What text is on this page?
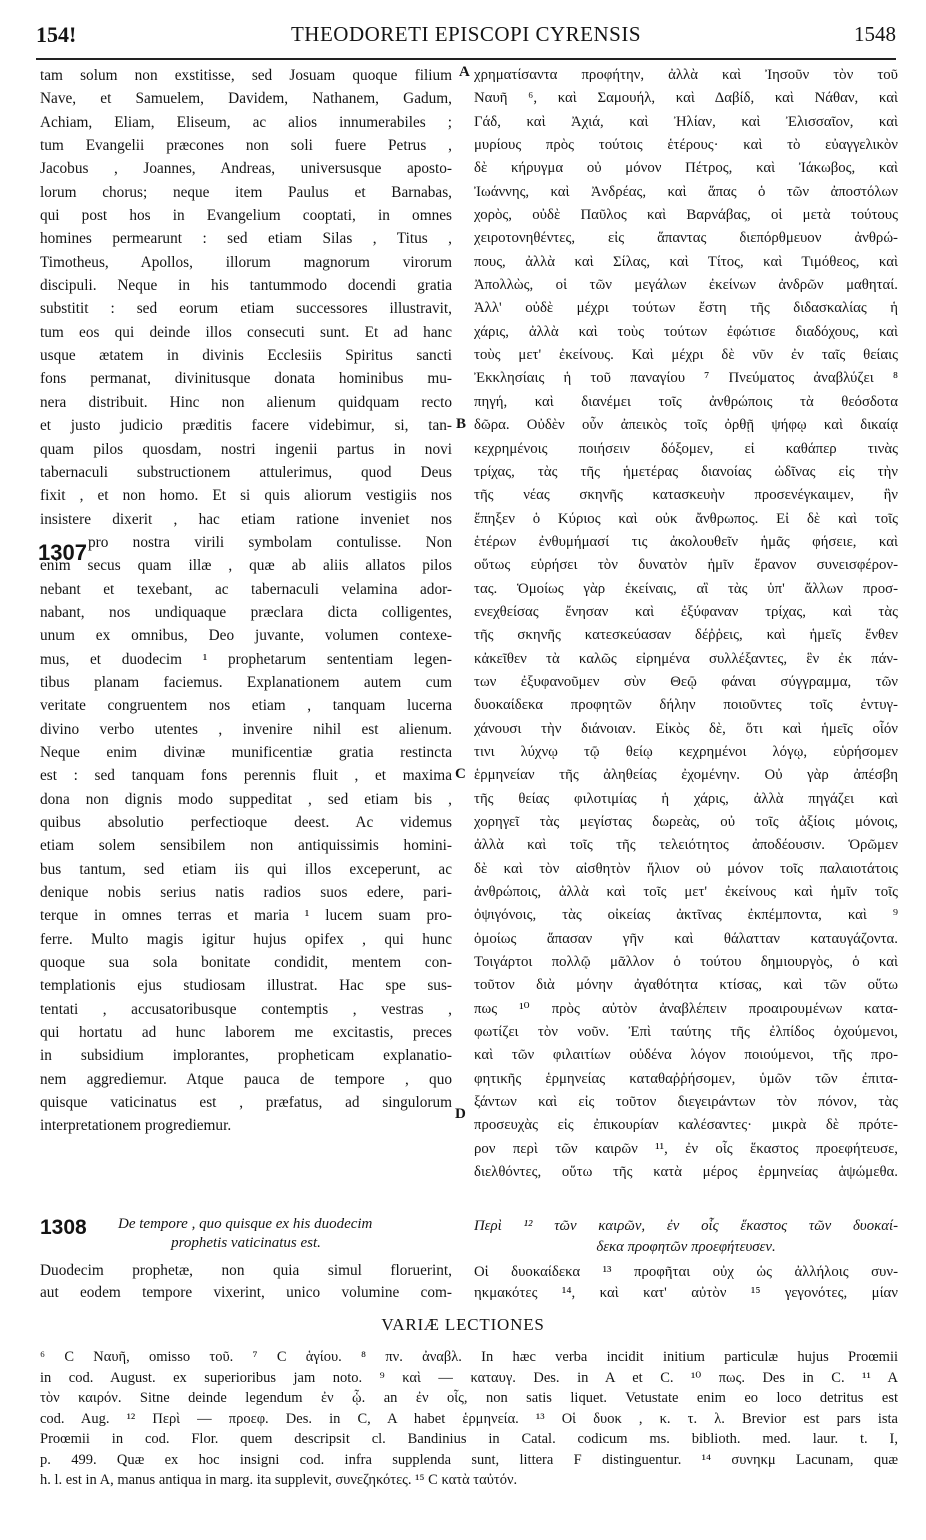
154!	THEODORETI EPISCOPI CYRENSIS	1548
tam solum non exstitisse, sed Josuam quoque filium
Nave, et Samuelem, Davidem, Nathanem, Gadum,
Achiam, Eliam, Eliseum, ac alios innumerabiles ;
tum Evangelii præcones non soli fuere Petrus ,
Jacobus , Joannes, Andreas, universusque aposto-
lorum chorus; neque item Paulus et Barnabas,
qui post hos in Evangelium cooptati, in omnes
homines permearunt : sed etiam Silas , Titus ,
Timotheus, Apollos, illorum magnorum virorum
discipuli. Neque in his tantummodo docendi gratia
substitit : sed eorum etiam successores illustravit,
tum eos qui deinde illos consecuti sunt. Et ad hanc
usque ætatem in divinis Ecclesiis Spiritus sancti
fons permanat, divinitusque donata hominibus mu-
nera distribuit. Hinc non alienum quidquam recto
et justo judicio præditis facere videbimur, si, tan-
quam pilos quosdam, nostri ingenii partus in novi
tabernaculi substructionem attulerimus, quod Deus
fixit , et non homo. Et si quis aliorum vestigiis nos
insistere dixerit , hac etiam ratione inveniet nos
pro nostra virili symbolam contulisse. Non
enim secus quam illæ , quæ ab aliis allatos pilos
nebant et texebant, ac tabernaculi velamina ador-
nabant, nos undiquaque præclara dicta colligentes,
unum ex omnibus, Deo juvante, volumen contexe-
mus, et duodecim ¹ prophetarum sententiam legen-
tibus planam faciemus. Explanationem autem cum
veritate congruentem nos etiam , tanquam lucerna
divino verbo utentes , invenire nihil est alienum.
Neque enim divinæ munificentiæ gratia restincta
est : sed tanquam fons perennis fluit , et maxima
dona non dignis modo suppeditat , sed etiam bis ,
quibus absolutio perfectioque deest. Ac videmus
etiam solem sensibilem non antiquissimis homini-
bus tantum, sed etiam iis qui illos exceperunt, ac
denique nobis serius natis radios suos edere, pari-
terque in omnes terras et maria ¹ lucem suam pro-
ferre. Multo magis igitur hujus opifex , qui hunc
quoque sua sola bonitate condidit, mentem con-
templationis ejus studiosam illustrat. Hac spe sus-
tentati , accusatoribusque contemptis , vestras ,
qui hortatu ad hunc laborem me excitastis, preces
in subsidium implorantes, propheticam explanatio-
nem aggrediemur. Atque pauca de tempore , quo
quisque vaticinatus est , præfatus, ad singulorum
interpretationem progrediemur.
χρηματίσαντα προφήτην, ἀλλὰ καὶ Ἰησοῦν τὸν τοῦ
Ναυῆ ⁶, καὶ Σαμουήλ, καὶ Δαβίδ, καὶ Νάθαν, καὶ
Γάδ, καὶ Ἀχιά, καὶ Ἠλίαν, καὶ Ἐλισσαῖον, καὶ
μυρίους πρὸς τούτοις ἑτέρους· καὶ τὸ εὐαγγελικὸν
δὲ κήρυγμα οὐ μόνον Πέτρος, καὶ Ἰάκωβος, καὶ
Ἰωάννης, καὶ Ἀνδρέας, καὶ ἅπας ὁ τῶν ἀποστόλων
χορὸς, οὐδὲ Παῦλος καὶ Βαρνάβας, οἱ μετὰ τούτους
χειροτονηθέντες, εἰς ἅπαντας διεπόρθμευον ἀνθρώ-
πους, ἀλλὰ καὶ Σίλας, καὶ Τίτος, καὶ Τιμόθεος, καὶ
Ἀπολλὼς, οἱ τῶν μεγάλων ἐκείνων ἀνδρῶν μαθηταί.
Ἀλλ' οὐδὲ μέχρι τούτων ἔστη τῆς διδασκαλίας ἡ
χάρις, ἀλλὰ καὶ τοὺς τούτων ἐφώτισε διαδόχους, καὶ
τοὺς μετ' ἐκείνους. Καὶ μέχρι δὲ νῦν ἐν ταῖς θείαις
Ἐκκλησίαις ἡ τοῦ παναγίου ⁷ Πνεύματος ἀναβλύζει ⁸
πηγή, καὶ διανέμει τοῖς ἀνθρώποις τὰ θεόσδοτα
δῶρα. Οὐδὲν οὖν ἀπεικὸς τοῖς ὀρθῇ ψήφῳ καὶ δικαίᾳ
κεχρημένοις ποιήσειν δόξομεν, εἰ καθάπερ τινὰς
τρίχας, τὰς τῆς ἡμετέρας διανοίας ὠδῖνας εἰς τὴν
τῆς νέας σκηνῆς κατασκευὴν προσενέγκαιμεν, ἣν
ἔπηξεν ὁ Κύριος καὶ οὐκ ἄνθρωπος. Εἰ δὲ καὶ τοῖς
ἑτέρων ἐνθυμήμασί τις ἀκολουθεῖν ἡμᾶς φήσειε, καὶ
οὕτως εὑρήσει τὸν δυνατὸν ἡμῖν ἔρανον συνεισφέρον-
τας. Ὁμοίως γὰρ ἐκείναις, αἳ τὰς ὑπ' ἄλλων προσ-
ενεχθείσας ἔνησαν καὶ ἐξύφαναν τρίχας, καὶ τὰς
τῆς σκηνῆς κατεσκεύασαν δέῤῥεις, καὶ ἡμεῖς ἔνθεν
κἀκεῖθεν τὰ καλῶς εἰρημένα συλλέξαντες, ἓν ἐκ πάν-
των ἐξυφανοῦμεν σὺν Θεῷ φάναι σύγγραμμα, τῶν
δυοκαίδεκα προφητῶν δήλην ποιοῦντες τοῖς ἐντυγ-
χάνουσι τὴν διάνοιαν. Εἰκὸς δὲ, ὅτι καὶ ἡμεῖς οἷόν
τινι λύχνῳ τῷ θείῳ κεχρημένοι λόγῳ, εὑρήσομεν
ἑρμηνείαν τῆς ἀληθείας ἐχομένην. Οὐ γὰρ ἀπέσβη
τῆς θείας φιλοτιμίας ἡ χάρις, ἀλλὰ πηγάζει καὶ
χορηγεῖ τὰς μεγίστας δωρεὰς, οὐ τοῖς ἀξίοις μόνοις,
ἀλλὰ καὶ τοῖς τῆς τελειότητος ἀποδέουσιν. Ὁρῶμεν
δὲ καὶ τὸν αἰσθητὸν ἥλιον οὐ μόνον τοῖς παλαιοτάτοις
ἀνθρώποις, ἀλλὰ καὶ τοῖς μετ' ἐκείνους καὶ ἡμῖν τοῖς
ὀψιγόνοις, τὰς οἰκείας ἀκτῖνας ἐκπέμποντα, καὶ ⁹
ὁμοίως ἅπασαν γῆν καὶ θάλατταν καταυγάζοντα.
Τοιγάρτοι πολλῷ μᾶλλον ὁ τούτου δημιουργὸς, ὁ καὶ
τοῦτον διὰ μόνην ἀγαθότητα κτίσας, καὶ τῶν οὕτω
πως ¹⁰ πρὸς αὐτὸν ἀναβλέπειν προαιρουμένων κατα-
φωτίζει τὸν νοῦν. Ἐπὶ ταύτης τῆς ἐλπίδος ὀχούμενοι,
καὶ τῶν φιλαιτίων οὐδένα λόγον ποιούμενοι, τῆς προ-
φητικῆς ἑρμηνείας καταθαῤῥήσομεν, ὑμῶν τῶν ἐπιτα-
ξάντων καὶ εἰς τοῦτον διεγειράντων τὸν πόνον, τὰς
προσευχὰς εἰς ἐπικουρίαν καλέσαντες· μικρὰ δὲ πρότε-
ρον περὶ τῶν καιρῶν ¹¹, ἐν οἷς ἕκαστος προεφήτευσε,
διελθόντες, οὕτω τῆς κατὰ μέρος ἑρμηνείας ἁψώμεθα.
A
B
C
D
1307
1308 De tempore , quo quisque ex his duodecim
prophetis vaticinatus est.
Duodecim prophetæ, non quia simul floruerint,
aut eodem tempore vixerint, unico volumine com-
Περὶ ¹² τῶν καιρῶν, ἐν οἷς ἕκαστος τῶν δυοκαί-
δεκα προφητῶν προεφήτευσεν.
Οἱ δυοκαίδεκα ¹³ προφῆται οὐχ ὡς ἀλλήλοις συν-
ηκμακότες ¹⁴, καὶ κατ' αὐτὸν ¹⁵ γεγονότες, μίαν
VARIÆ LECTIONES
⁶ C Ναυῆ, omisso τοῦ. ⁷ C ἁγίου. ⁸ πν. ἀναβλ. In hæc verba incidit initium particulæ hujus Proœmii
in cod. August. ex superioribus jam noto. ⁹ καὶ — καταυγ. Des. in A et C. ¹⁰ πως. Des in C. ¹¹ A
τὸν καιρόν. Sitne deinde legendum ἐν ᾧ. an ἐν οἷς, non satis liquet. Vetustate enim eo loco detritus est
cod. Aug. ¹² Περὶ — προεφ. Des. in C, A habet ἑρμηνεία. ¹³ Οἱ δυοκ , κ. τ. λ. Brevior est pars ista
Proœmii in cod. Flor. quem descripsit cl. Bandinius in Catal. codicum ms. biblioth. med. laur. t. I,
p. 499. Quæ ex hoc insigni cod. infra supplenda sunt, littera F distinguentur. ¹⁴ συνηκμ Lacunam, quæ
h. l. est in A, manus antiqua in marg. ita supplevit, συνεζηκότες. ¹⁵ C κατὰ ταὐτόν.
